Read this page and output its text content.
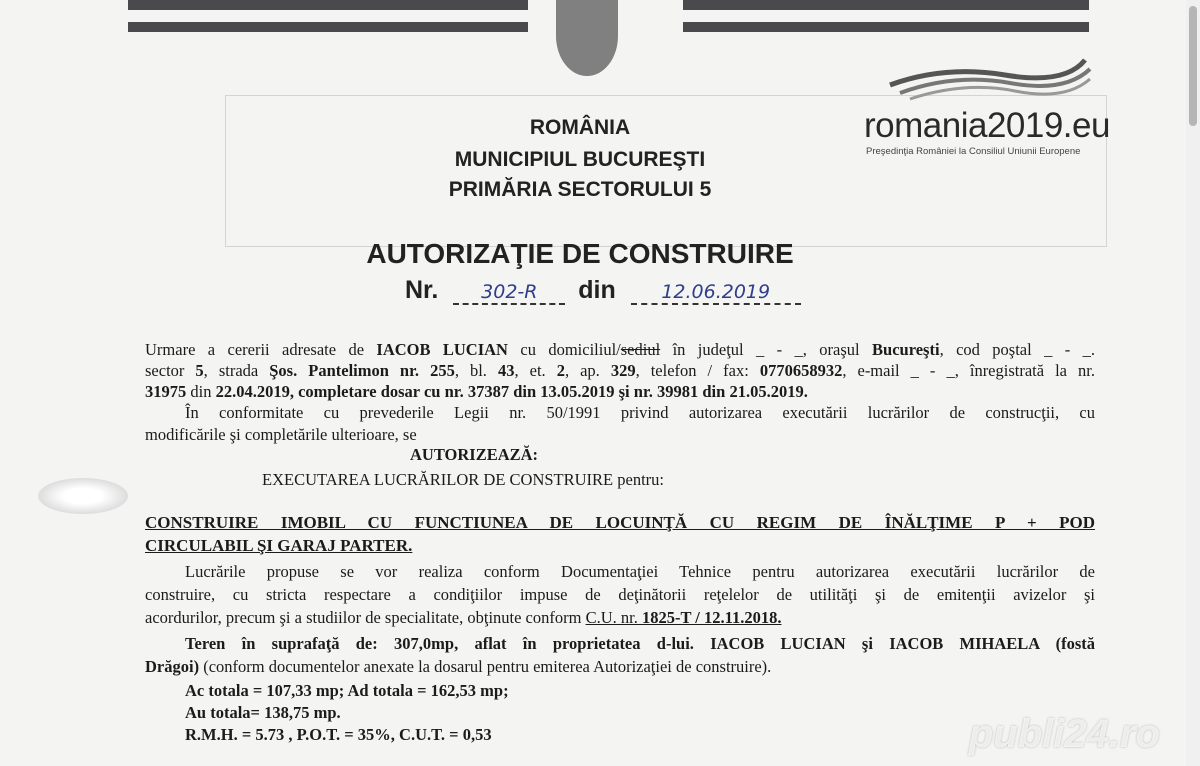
romania2019.eu
Preşedinţia României la Consiliul Uniunii Europene
ROMÂNIA
MUNICIPIUL BUCUREŞTI
PRIMĂRIA SECTORULUI 5
AUTORIZAŢIE DE CONSTRUIRE
Nr. 302-R din 12.06.2019
Urmare a cererii adresate de IACOB LUCIAN cu domiciliul/sediul în judeţul _ - _, oraşul Bucureşti, cod poştal _ - _.
sector 5, strada Şos. Pantelimon nr. 255, bl. 43, et. 2, ap. 329, telefon / fax: 0770658932, e-mail _ - _, înregistrată la nr.
31975 din 22.04.2019, completare dosar cu nr. 37387 din 13.05.2019 şi nr. 39981 din 21.05.2019.
În conformitate cu prevederile Legii nr. 50/1991 privind autorizarea executării lucrărilor de construcţii, cu
modificările şi completările ulterioare, se
AUTORIZEAZĂ:
EXECUTAREA LUCRĂRILOR DE CONSTRUIRE pentru:
CONSTRUIRE IMOBIL CU FUNCTIUNEA DE LOCUINŢĂ CU REGIM DE ÎNĂLŢIME P + POD
CIRCULABIL ŞI GARAJ PARTER.
Lucrările propuse se vor realiza conform Documentaţiei Tehnice pentru autorizarea executării lucrărilor de
construire, cu stricta respectare a condiţiilor impuse de deţinătorii reţelelor de utilităţi şi de emitenţii avizelor şi
acordurilor, precum şi a studiilor de specialitate, obţinute conform C.U. nr. 1825-T / 12.11.2018.
Teren în suprafaţă de: 307,0mp, aflat în proprietatea d-lui. IACOB LUCIAN şi IACOB MIHAELA (fostă
Drăgoi) (conform documentelor anexate la dosarul pentru emiterea Autorizaţiei de construire).
Ac totala = 107,33 mp; Ad totala = 162,53 mp;
Au totala= 138,75 mp.
R.M.H. = 5.73 , P.O.T. = 35%, C.U.T. = 0,53	publi24.ro
